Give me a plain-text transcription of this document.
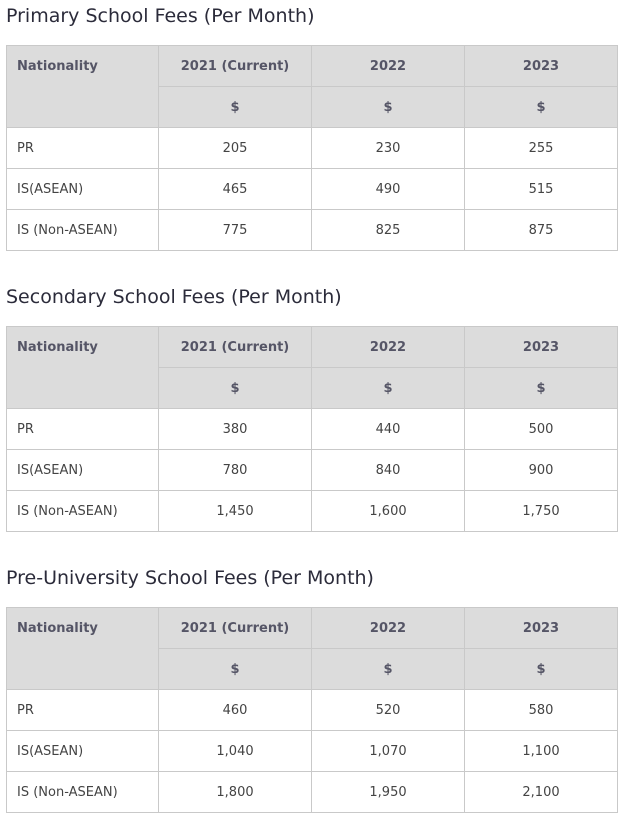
Primary School Fees (Per Month)
Nationality	2021 (Current)	2022	2023
	$	$	$
PR	205	230	255
IS(ASEAN)	465	490	515
IS (Non-ASEAN)	775	825	875
Secondary School Fees (Per Month)
Nationality	2021 (Current)	2022	2023
	$	$	$
PR	380	440	500
IS(ASEAN)	780	840	900
IS (Non-ASEAN)	1,450	1,600	1,750
Pre-University School Fees (Per Month)
Nationality	2021 (Current)	2022	2023
	$	$	$
PR	460	520	580
IS(ASEAN)	1,040	1,070	1,100
IS (Non-ASEAN)	1,800	1,950	2,100
